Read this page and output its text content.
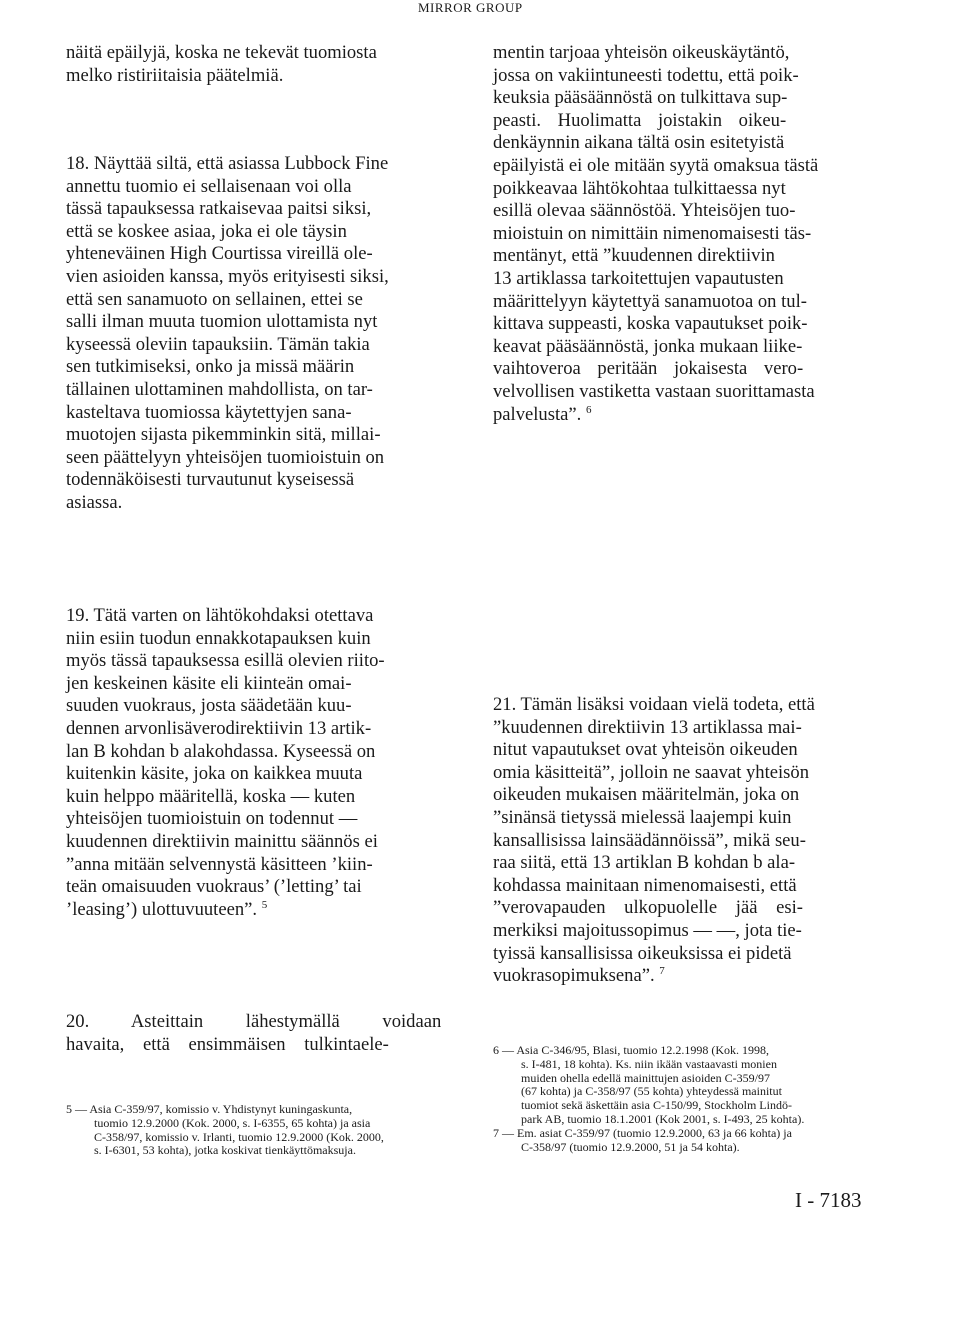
MIRROR GROUP
näitä epäilyjä, koska ne tekevät tuomiosta
melko ristiriitaisia päätelmiä.
18. Näyttää siltä, että asiassa Lubbock Fine
annettu tuomio ei sellaisenaan voi olla
tässä tapauksessa ratkaisevaa paitsi siksi,
että se koskee asiaa, joka ei ole täysin
yhteneväinen High Courtissa vireillä ole-
vien asioiden kanssa, myös erityisesti siksi,
että sen sanamuoto on sellainen, ettei se
salli ilman muuta tuomion ulottamista nyt
kyseessä oleviin tapauksiin. Tämän takia
sen tutkimiseksi, onko ja missä määrin
tällainen ulottaminen mahdollista, on tar-
kasteltava tuomiossa käytettyjen sana-
muotojen sijasta pikemminkin sitä, millai-
seen päättelyyn yhteisöjen tuomioistuin on
todennäköisesti turvautunut kyseisessä
asiassa.
19. Tätä varten on lähtökohdaksi otettava
niin esiin tuodun ennakkotapauksen kuin
myös tässä tapauksessa esillä olevien riito-
jen keskeinen käsite eli kiinteän omai-
suuden vuokraus, josta säädetään kuu-
dennen arvonlisäverodirektiivin 13 artik-
lan B kohdan b alakohdassa. Kyseessä on
kuitenkin käsite, joka on kaikkea muuta
kuin helppo määritellä, koska — kuten
yhteisöjen tuomioistuin on todennut —
kuudennen direktiivin mainittu säännös ei
”anna mitään selvennystä käsitteen ’kiin-
teän omaisuuden vuokraus’ (’letting’ tai
’leasing’) ulottuvuuteen”. $^5$
20. Asteittain lähestymällä voidaan
havaita, että ensimmäisen tulkintaele-
mentin tarjoaa yhteisön oikeuskäytäntö,
jossa on vakiintuneesti todettu, että poik-
keuksia pääsäännöstä on tulkittava sup-
peasti. Huolimatta joistakin oikeu-
denkäynnin aikana tältä osin esitetyistä
epäilyistä ei ole mitään syytä omaksua tästä
poikkeavaa lähtökohtaa tulkittaessa nyt
esillä olevaa säännöstöä. Yhteisöjen tuo-
mioistuin on nimittäin nimenomaisesti täs-
mentänyt, että ”kuudennen direktiivin
13 artiklassa tarkoitettujen vapautusten
määrittelyyn käytettyä sanamuotoa on tul-
kittava suppeasti, koska vapautukset poik-
keavat pääsäännöstä, jonka mukaan liike-
vaihtoveroa peritään jokaisesta vero-
velvollisen vastiketta vastaan suorittamasta
palvelusta”. $^6$
21. Tämän lisäksi voidaan vielä todeta, että
”kuudennen direktiivin 13 artiklassa mai-
nitut vapautukset ovat yhteisön oikeuden
omia käsitteitä”, jolloin ne saavat yhteisön
oikeuden mukaisen määritelmän, joka on
”sinänsä tietyssä mielessä laajempi kuin
kansallisissa lainsäädännöissä”, mikä seu-
raa siitä, että 13 artiklan B kohdan b ala-
kohdassa mainitaan nimenomaisesti, että
”verovapauden ulkopuolelle jää esi-
merkiksi majoitussopimus — —, jota tie-
tyissä kansallisissa oikeuksissa ei pidetä
vuokrasopimuksena”. $^7$
5 — Asia C-359/97, komissio v. Yhdistynyt kuningaskunta,
tuomio 12.9.2000 (Kok. 2000, s. I-6355, 65 kohta) ja asia
C-358/97, komissio v. Irlanti, tuomio 12.9.2000 (Kok. 2000,
s. I-6301, 53 kohta), jotka koskivat tienkäyttömaksuja.
6 — Asia C-346/95, Blasi, tuomio 12.2.1998 (Kok. 1998,
s. I-481, 18 kohta). Ks. niin ikään vastaavasti monien
muiden ohella edellä mainittujen asioiden C-359/97
(67 kohta) ja C-358/97 (55 kohta) yhteydessä mainitut
tuomiot sekä äskettäin asia C-150/99, Stockholm Lindö-
park AB, tuomio 18.1.2001 (Kok 2001, s. I-493, 25 kohta).
7 — Em. asiat C-359/97 (tuomio 12.9.2000, 63 ja 66 kohta) ja
C-358/97 (tuomio 12.9.2000, 51 ja 54 kohta).
I - 7183
